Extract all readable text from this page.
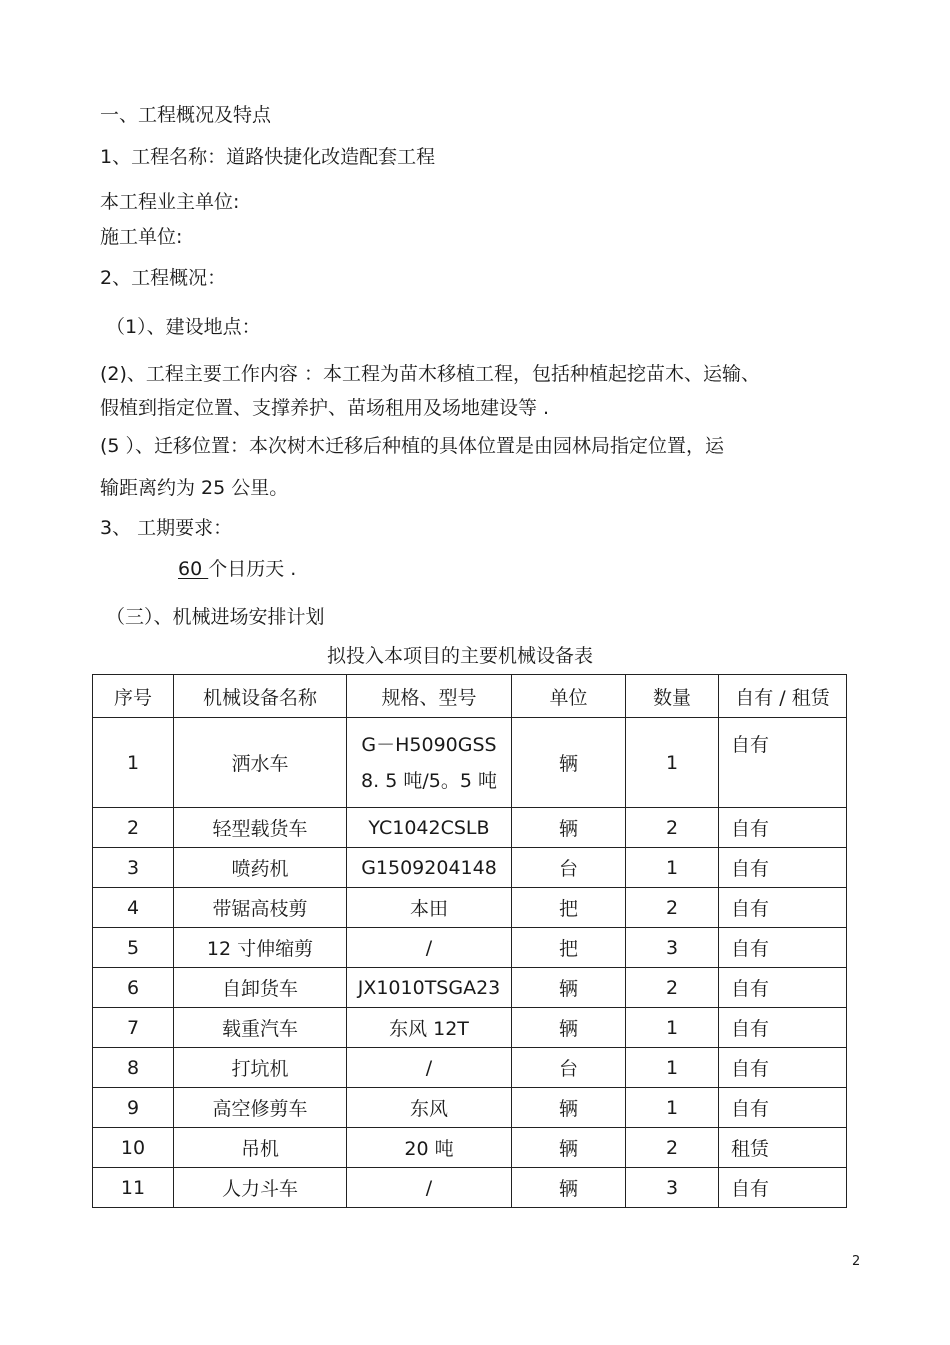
一、工程概况及特点
1、工程名称：道路快捷化改造配套工程
本工程业主单位:
施工单位:
2、工程概况：
（1）、建设地点：
(2)、工程主要工作内容 ：本工程为苗木移植工程，包括种植起挖苗木、运输、
假植到指定位置、支撑养护、苗场租用及场地建设等 .
(5 ）、迁移位置：本次树木迁移后种植的具体位置是由园林局指定位置，运
输距离约为 25 公里。
3、 工期要求：
60 个日历天 .
（三）、机械进场安排计划
拟投入本项目的主要机械设备表
序号	机械设备名称	规格、型号	单位	数量	自有 / 租赁
1	洒水车	G－H5090GSS
8. 5 吨/5。5 吨	辆	1	自有
2	轻型载货车	YC1042CSLB	辆	2	自有
3	喷药机	G1509204148	台	1	自有
4	带锯高枝剪	本田	把	2	自有
5	12 寸伸缩剪	/	把	3	自有
6	自卸货车	JX1010TSGA23	辆	2	自有
7	载重汽车	东风 12T	辆	1	自有
8	打坑机	/	台	1	自有
9	高空修剪车	东风	辆	1	自有
10	吊机	20 吨	辆	2	租赁
11	人力斗车	/	辆	3	自有
2
